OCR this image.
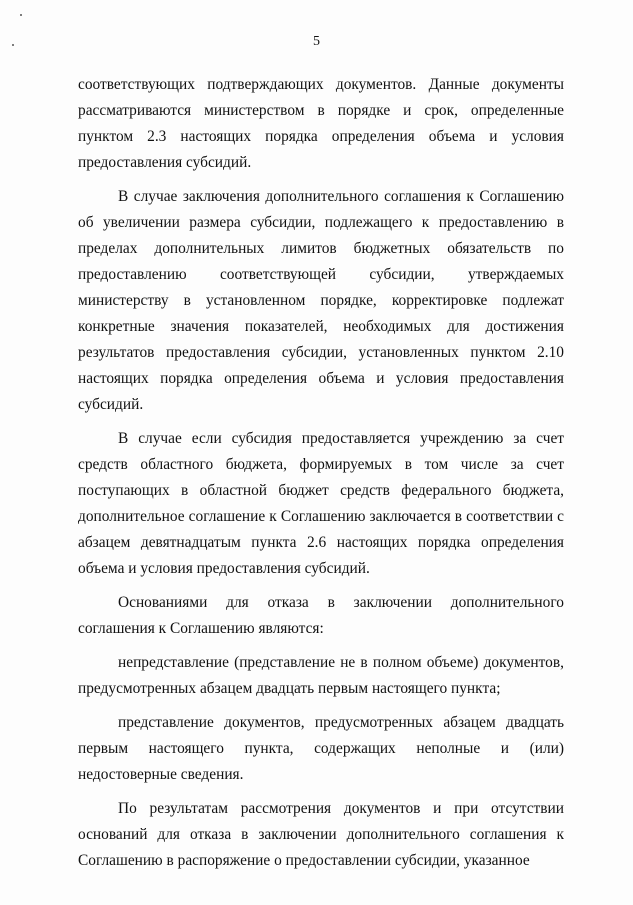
5

соответствующих подтверждающих документов. Данные документы рассматриваются министерством в порядке и срок, определенные пунктом 2.3 настоящих порядка определения объема и условия предоставления субсидий.

В случае заключения дополнительного соглашения к Соглашению об увеличении размера субсидии, подлежащего к предоставлению в пределах дополнительных лимитов бюджетных обязательств по предоставлению соответствующей субсидии, утверждаемых министерству в установленном порядке, корректировке подлежат конкретные значения показателей, необходимых для достижения результатов предоставления субсидии, установленных пунктом 2.10 настоящих порядка определения объема и условия предоставления субсидий.

В случае если субсидия предоставляется учреждению за счет средств областного бюджета, формируемых в том числе за счет поступающих в областной бюджет средств федерального бюджета, дополнительное соглашение к Соглашению заключается в соответствии с абзацем девятнадцатым пункта 2.6 настоящих порядка определения объема и условия предоставления субсидий.

Основаниями для отказа в заключении дополнительного соглашения к Соглашению являются:

непредставление (представление не в полном объеме) документов, предусмотренных абзацем двадцать первым настоящего пункта;

представление документов, предусмотренных абзацем двадцать первым настоящего пункта, содержащих неполные и (или) недостоверные сведения.

По результатам рассмотрения документов и при отсутствии оснований для отказа в заключении дополнительного соглашения к Соглашению в распоряжение о предоставлении субсидии, указанное
